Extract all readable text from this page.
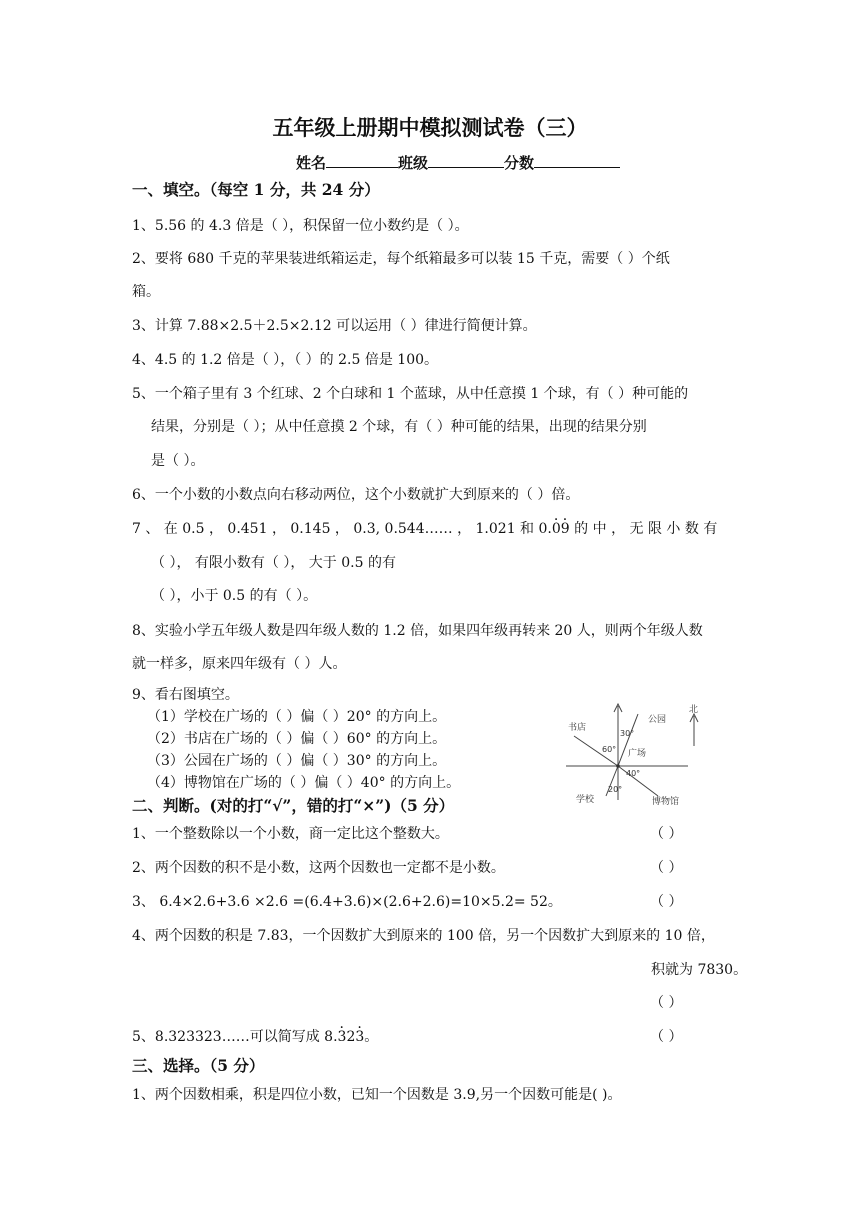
五年级上册期中模拟测试卷（三）
姓名	班级	分数
一、填空。（每空 1 分，共 24 分）
1、5.56 的 4.3 倍是（ ），积保留一位小数约是（ ）。
2、要将 680 千克的苹果装进纸箱运走，每个纸箱最多可以装 15 千克，需要（ ）个纸
箱。
3、计算 7.88×2.5＋2.5×2.12 可以运用（ ）律进行简便计算。
4、4.5 的 1.2 倍是（ ），（ ）的 2.5 倍是 100。
5、一个箱子里有 3 个红球、2 个白球和 1 个蓝球，从中任意摸 1 个球，有（ ）种可能的
结果，分别是（ ）；从中任意摸 2 个球，有（ ）种可能的结果，出现的结果分别
是（ ）。
6、一个小数的小数点向右移动两位，这个小数就扩大到原来的（ ）倍。
7 、 在 0.5 ， 0.451 ， 0.145 ， 0.3, 0.544…… ， 1.021 和 0.· 0· 9 的 中 ， 无 限 小 数 有
（ ）， 有限小数有（ ）， 大于 0.5 的有
（ ），小于 0.5 的有（ ）。
8、实验小学五年级人数是四年级人数的 1.2 倍，如果四年级再转来 20 人，则两个年级人数
就一样多，原来四年级有（ ）人。
9、看右图填空。
（1）学校在广场的（ ）偏（ ）20° 的方向上。
（2）书店在广场的（ ）偏（ ）60° 的方向上。
（3）公园在广场的（ ）偏（ ）30° 的方向上。
（4）博物馆在广场的（ ）偏（ ）40° 的方向上。
北
书店
公园
广场
学校	博物馆
30°
60°
40°
20°
二、判断。(对的打“√”，错的打“×”)（5 分）
1、一个整数除以一个小数，商一定比这个整数大。	（ ）
2、两个因数的积不是小数，这两个因数也一定都不是小数。	（ ）
3、 6.4×2.6+3.6 ×2.6 =(6.4+3.6)×(2.6+2.6)=10×5.2= 52。	（ ）
4、两个因数的积是 7.83，一个因数扩大到原来的 100 倍，另一个因数扩大到原来的 10 倍，
积就为 7830。
（ ）
5、8.323323……可以简写成 8.· 32· 3。	（ ）
三、选择。（5 分）
1、两个因数相乘，积是四位小数，已知一个因数是 3.9,另一个因数可能是( )。
